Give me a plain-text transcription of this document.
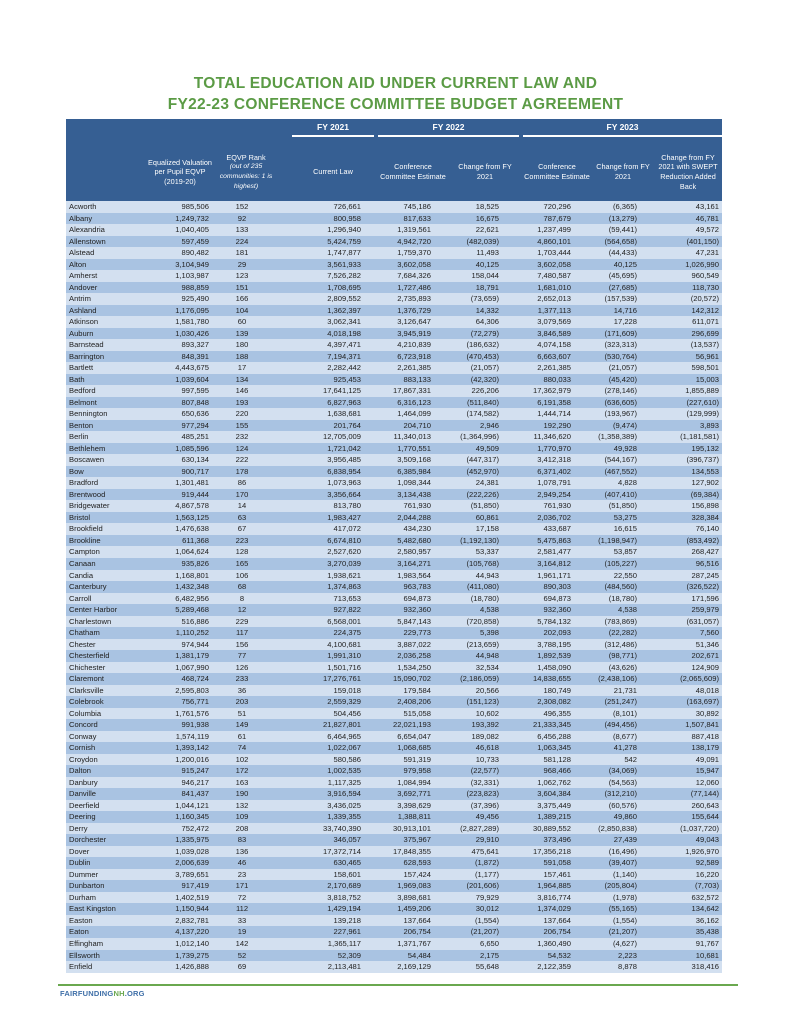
TOTAL EDUCATION AID UNDER CURRENT LAW AND
FY22-23 CONFERENCE COMMITTEE BUDGET AGREEMENT
FY 2021	FY 2022	FY 2023
Equalized Valuation per Pupil EQVP (2019-20)
EQVP Rank
(out of 235 communities: 1 is highest)
Current Law
Conference Committee Estimate
Change from FY 2021
Conference Committee Estimate
Change from FY 2021
Change from FY 2021 with SWEPT Reduction Added Back
Acworth	985,506	152	726,661	745,186	18,525	720,296	(6,365)	43,161
Albany	1,249,732	92	800,958	817,633	16,675	787,679	(13,279)	46,781
Alexandria	1,040,405	133	1,296,940	1,319,561	22,621	1,237,499	(59,441)	49,572
Allenstown	597,459	224	5,424,759	4,942,720	(482,039)	4,860,101	(564,658)	(401,150)
Alstead	890,482	181	1,747,877	1,759,370	11,493	1,703,444	(44,433)	47,231
Alton	3,104,949	29	3,561,933	3,602,058	40,125	3,602,058	40,125	1,026,990
Amherst	1,103,987	123	7,526,282	7,684,326	158,044	7,480,587	(45,695)	960,549
Andover	988,859	151	1,708,695	1,727,486	18,791	1,681,010	(27,685)	118,730
Antrim	925,490	166	2,809,552	2,735,893	(73,659)	2,652,013	(157,539)	(20,572)
Ashland	1,176,095	104	1,362,397	1,376,729	14,332	1,377,113	14,716	142,312
Atkinson	1,581,780	60	3,062,341	3,126,647	64,306	3,079,569	17,228	611,071
Auburn	1,030,426	139	4,018,198	3,945,919	(72,279)	3,846,589	(171,609)	296,699
Barnstead	893,327	180	4,397,471	4,210,839	(186,632)	4,074,158	(323,313)	(13,537)
Barrington	848,391	188	7,194,371	6,723,918	(470,453)	6,663,607	(530,764)	56,961
Bartlett	4,443,675	17	2,282,442	2,261,385	(21,057)	2,261,385	(21,057)	598,501
Bath	1,039,604	134	925,453	883,133	(42,320)	880,033	(45,420)	15,003
Bedford	997,595	146	17,641,125	17,867,331	226,206	17,362,979	(278,146)	1,855,889
Belmont	807,848	193	6,827,963	6,316,123	(511,840)	6,191,358	(636,605)	(227,610)
Bennington	650,636	220	1,638,681	1,464,099	(174,582)	1,444,714	(193,967)	(129,999)
Benton	977,294	155	201,764	204,710	2,946	192,290	(9,474)	3,893
Berlin	485,251	232	12,705,009	11,340,013	(1,364,996)	11,346,620	(1,358,389)	(1,181,581)
Bethlehem	1,085,596	124	1,721,042	1,770,551	49,509	1,770,970	49,928	195,132
Boscawen	630,134	222	3,956,485	3,509,168	(447,317)	3,412,318	(544,167)	(396,737)
Bow	900,717	178	6,838,954	6,385,984	(452,970)	6,371,402	(467,552)	134,553
Bradford	1,301,481	86	1,073,963	1,098,344	24,381	1,078,791	4,828	127,902
Brentwood	919,444	170	3,356,664	3,134,438	(222,226)	2,949,254	(407,410)	(69,384)
Bridgewater	4,867,578	14	813,780	761,930	(51,850)	761,930	(51,850)	156,898
Bristol	1,563,125	63	1,983,427	2,044,288	60,861	2,036,702	53,275	328,384
Brookfield	1,476,638	67	417,072	434,230	17,158	433,687	16,615	76,140
Brookline	611,368	223	6,674,810	5,482,680	(1,192,130)	5,475,863	(1,198,947)	(853,492)
Campton	1,064,624	128	2,527,620	2,580,957	53,337	2,581,477	53,857	268,427
Canaan	935,826	165	3,270,039	3,164,271	(105,768)	3,164,812	(105,227)	96,516
Candia	1,168,801	106	1,938,621	1,983,564	44,943	1,961,171	22,550	287,245
Canterbury	1,432,348	68	1,374,863	963,783	(411,080)	890,303	(484,560)	(326,522)
Carroll	6,482,956	8	713,653	694,873	(18,780)	694,873	(18,780)	171,596
Center Harbor	5,289,468	12	927,822	932,360	4,538	932,360	4,538	259,979
Charlestown	516,886	229	6,568,001	5,847,143	(720,858)	5,784,132	(783,869)	(631,057)
Chatham	1,110,252	117	224,375	229,773	5,398	202,093	(22,282)	7,560
Chester	974,944	156	4,100,681	3,887,022	(213,659)	3,788,195	(312,486)	51,346
Chesterfield	1,381,179	77	1,991,310	2,036,258	44,948	1,892,539	(98,771)	202,671
Chichester	1,067,990	126	1,501,716	1,534,250	32,534	1,458,090	(43,626)	124,909
Claremont	468,724	233	17,276,761	15,090,702	(2,186,059)	14,838,655	(2,438,106)	(2,065,609)
Clarksville	2,595,803	36	159,018	179,584	20,566	180,749	21,731	48,018
Colebrook	756,771	203	2,559,329	2,408,206	(151,123)	2,308,082	(251,247)	(163,697)
Columbia	1,761,576	51	504,456	515,058	10,602	496,355	(8,101)	30,892
Concord	991,938	149	21,827,801	22,021,193	193,392	21,333,345	(494,456)	1,507,841
Conway	1,574,119	61	6,464,965	6,654,047	189,082	6,456,288	(8,677)	887,418
Cornish	1,393,142	74	1,022,067	1,068,685	46,618	1,063,345	41,278	138,179
Croydon	1,200,016	102	580,586	591,319	10,733	581,128	542	49,091
Dalton	915,247	172	1,002,535	979,958	(22,577)	968,466	(34,069)	15,947
Danbury	946,217	163	1,117,325	1,084,994	(32,331)	1,062,762	(54,563)	12,060
Danville	841,437	190	3,916,594	3,692,771	(223,823)	3,604,384	(312,210)	(77,144)
Deerfield	1,044,121	132	3,436,025	3,398,629	(37,396)	3,375,449	(60,576)	260,643
Deering	1,160,345	109	1,339,355	1,388,811	49,456	1,389,215	49,860	155,644
Derry	752,472	208	33,740,390	30,913,101	(2,827,289)	30,889,552	(2,850,838)	(1,037,720)
Dorchester	1,335,975	83	346,057	375,967	29,910	373,496	27,439	49,043
Dover	1,039,028	136	17,372,714	17,848,355	475,641	17,356,218	(16,496)	1,926,970
Dublin	2,006,639	46	630,465	628,593	(1,872)	591,058	(39,407)	92,589
Dummer	3,789,651	23	158,601	157,424	(1,177)	157,461	(1,140)	16,220
Dunbarton	917,419	171	2,170,689	1,969,083	(201,606)	1,964,885	(205,804)	(7,703)
Durham	1,402,519	72	3,818,752	3,898,681	79,929	3,816,774	(1,978)	632,572
East Kingston	1,150,944	112	1,429,194	1,459,206	30,012	1,374,029	(55,165)	134,642
Easton	2,832,781	33	139,218	137,664	(1,554)	137,664	(1,554)	36,162
Eaton	4,137,220	19	227,961	206,754	(21,207)	206,754	(21,207)	35,438
Effingham	1,012,140	142	1,365,117	1,371,767	6,650	1,360,490	(4,627)	91,767
Ellsworth	1,739,275	52	52,309	54,484	2,175	54,532	2,223	10,681
Enfield	1,426,888	69	2,113,481	2,169,129	55,648	2,122,359	8,878	318,416
FAIRFUNDINGNH.ORG
